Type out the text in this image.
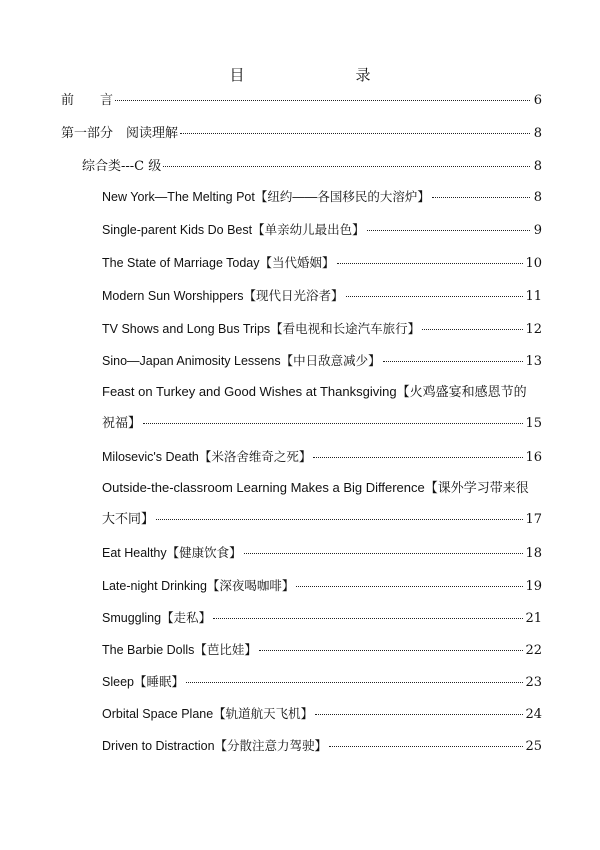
目　录
前　　言	6
第一部分　阅读理解	8
综合类---C 级	8
New York—The Melting Pot【纽约——各国移民的大溶炉】	8
Single-parent Kids Do Best【单亲幼儿最出色】	9
The State of Marriage Today【当代婚姻】	10
Modern Sun Worshippers【现代日光浴者】	11
TV Shows and Long Bus Trips【看电视和长途汽车旅行】	12
Sino—Japan Animosity Lessens【中日敌意减少】	13
Feast on Turkey and Good Wishes at Thanksgiving【火鸡盛宴和感恩节的
祝福】	15
Milosevic's Death【米洛舍维奇之死】	16
Outside-the-classroom Learning Makes a Big Difference【课外学习带来很
大不同】	17
Eat Healthy【健康饮食】	18
Late-night Drinking【深夜喝咖啡】	19
Smuggling【走私】	21
The Barbie Dolls【芭比娃】	22
Sleep【睡眠】	23
Orbital Space Plane【轨道航天飞机】	24
Driven to Distraction【分散注意力驾驶】	25
